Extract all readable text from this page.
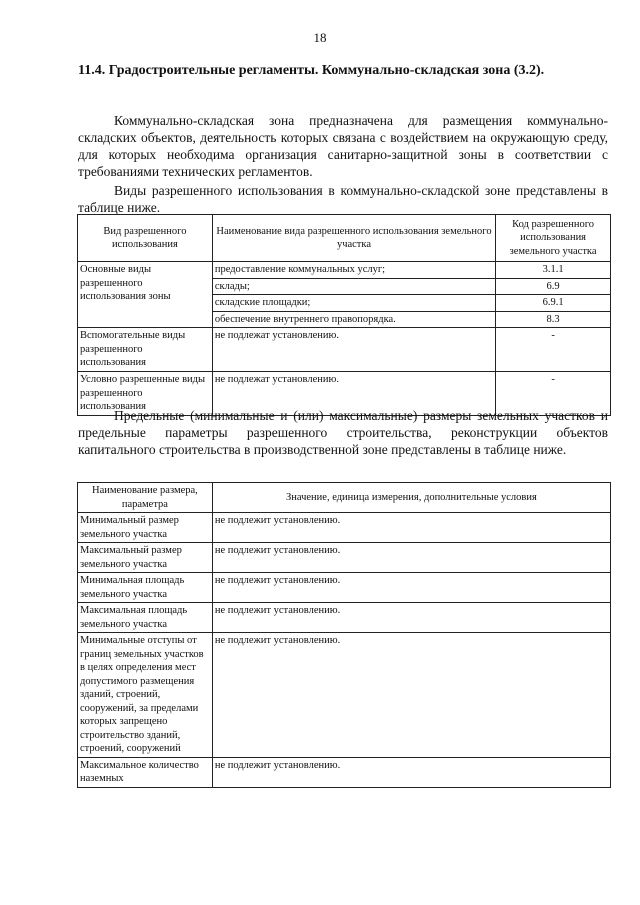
18
11.4. Градостроительные регламенты. Коммунально-складская зона (3.2).
Коммунально-складская зона предназначена для размещения коммунально-складских объектов, деятельность которых связана с воздействием на окружающую среду, для которых необходима организация санитарно-защитной зоны в соответствии с требованиями технических регламентов.
Виды разрешенного использования в коммунально-складской зоне представлены в таблице ниже.
Вид разрешенного использования	Наименование вида разрешенного использования земельного участка	Код разрешенного использования земельного участка
Основные виды разрешенного использования зоны	предоставление коммунальных услуг;	3.1.1
	склады;	6.9
	складские площадки;	6.9.1
	обеспечение внутреннего правопорядка.	8.3
Вспомогательные виды разрешенного использования	не подлежат установлению.	-
Условно разрешенные виды разрешенного использования	не подлежат установлению.	-
Предельные (минимальные и (или) максимальные) размеры земельных участков и предельные параметры разрешенного строительства, реконструкции объектов капитального строительства в производственной зоне представлены в таблице ниже.
Наименование размера, параметра	Значение, единица измерения, дополнительные условия
Минимальный размер земельного участка	не подлежит установлению.
Максимальный размер земельного участка	не подлежит установлению.
Минимальная площадь земельного участка	не подлежит установлению.
Максимальная площадь земельного участка	не подлежит установлению.
Минимальные отступы от границ земельных участков в целях определения мест допустимого размещения зданий, строений, сооружений, за пределами которых запрещено строительство зданий, строений, сооружений	не подлежит установлению.
Максимальное количество наземных	не подлежит установлению.
